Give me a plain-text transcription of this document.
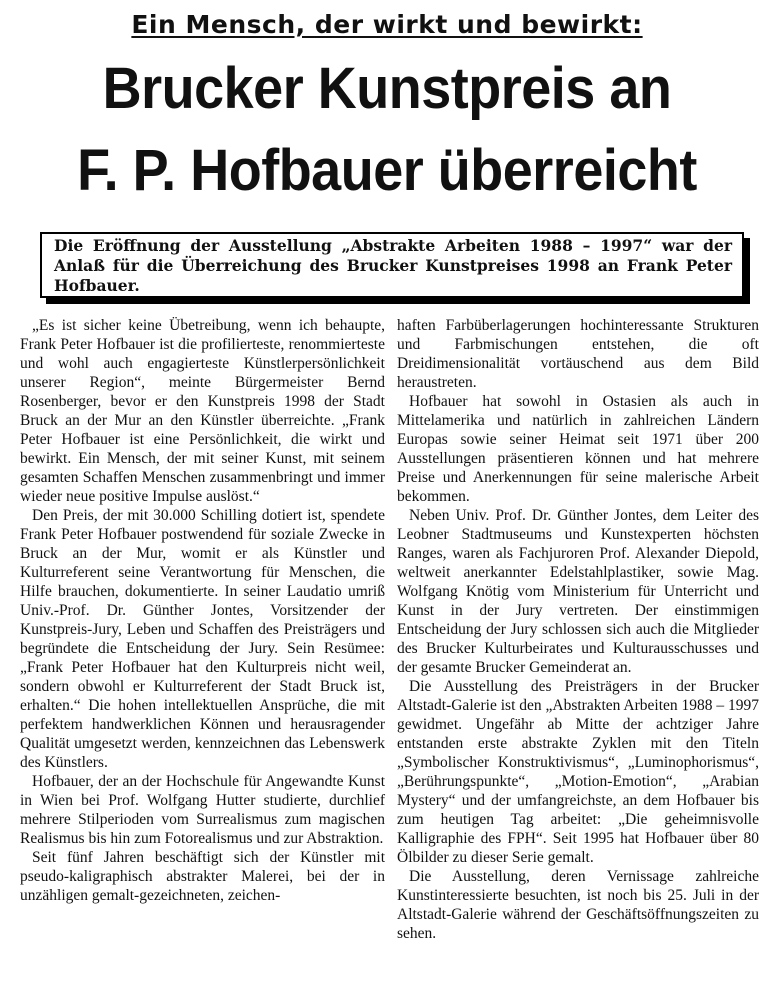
Ein Mensch, der wirkt und bewirkt:
Brucker Kunstpreis an
F. P. Hofbauer überreicht
Die Eröffnung der Ausstellung „Abstrakte Arbeiten 1988 – 1997“ war der Anlaß für die Überreichung des Brucker Kunstpreises 1998 an Frank Peter Hofbauer.

„Es ist sicher keine Übetreibung, wenn ich behaupte, Frank Peter Hofbauer ist die profilierteste, renommierteste und wohl auch engagierteste Künstlerpersönlichkeit unserer Region“, meinte Bürgermeister Bernd Rosenberger, bevor er den Kunstpreis 1998 der Stadt Bruck an der Mur an den Künstler überreichte. „Frank Peter Hofbauer ist eine Persönlichkeit, die wirkt und bewirkt. Ein Mensch, der mit seiner Kunst, mit seinem gesamten Schaffen Menschen zusammenbringt und immer wieder neue positive Impulse auslöst.“

Den Preis, der mit 30.000 Schilling dotiert ist, spendete Frank Peter Hofbauer postwendend für soziale Zwecke in Bruck an der Mur, womit er als Künstler und Kulturreferent seine Verantwortung für Menschen, die Hilfe brauchen, dokumentierte. In seiner Laudatio umriß Univ.-Prof. Dr. Günther Jontes, Vorsitzender der Kunstpreis-Jury, Leben und Schaffen des Preisträgers und begründete die Entscheidung der Jury. Sein Resümee: „Frank Peter Hofbauer hat den Kulturpreis nicht weil, sondern obwohl er Kulturreferent der Stadt Bruck ist, erhalten.“ Die hohen intellektuellen Ansprüche, die mit perfektem handwerklichen Können und herausragender Qualität umgesetzt werden, kennzeichnen das Lebenswerk des Künstlers.

Hofbauer, der an der Hochschule für Angewandte Kunst in Wien bei Prof. Wolfgang Hutter studierte, durchlief mehrere Stilperioden vom Surrealismus zum magischen Realismus bis hin zum Fotorealismus und zur Abstraktion.

Seit fünf Jahren beschäftigt sich der Künstler mit pseudo-kaligraphisch abstrakter Malerei, bei der in unzähligen gemalt-gezeichneten, zeichen-

haften Farbüberlagerungen hochinteressante Strukturen und Farbmischungen entstehen, die oft Dreidimensionalität vortäuschend aus dem Bild heraustreten.

Hofbauer hat sowohl in Ostasien als auch in Mittelamerika und natürlich in zahlreichen Ländern Europas sowie seiner Heimat seit 1971 über 200 Ausstellungen präsentieren können und hat mehrere Preise und Anerkennungen für seine malerische Arbeit bekommen.

Neben Univ. Prof. Dr. Günther Jontes, dem Leiter des Leobner Stadtmuseums und Kunstexperten höchsten Ranges, waren als Fachjuroren Prof. Alexander Diepold, weltweit anerkannter Edelstahlplastiker, sowie Mag. Wolfgang Knötig vom Ministerium für Unterricht und Kunst in der Jury vertreten. Der einstimmigen Entscheidung der Jury schlossen sich auch die Mitglieder des Brucker Kulturbeirates und Kulturausschusses und der gesamte Brucker Gemeinderat an.

Die Ausstellung des Preisträgers in der Brucker Altstadt-Galerie ist den „Abstrakten Arbeiten 1988 – 1997 gewidmet. Ungefähr ab Mitte der achtziger Jahre entstanden erste abstrakte Zyklen mit den Titeln „Symbolischer Konstruktivismus“, „Luminophorismus“, „Berührungspunkte“, „Motion-Emotion“, „Arabian Mystery“ und der umfangreichste, an dem Hofbauer bis zum heutigen Tag arbeitet: „Die geheimnisvolle Kalligraphie des FPH“. Seit 1995 hat Hofbauer über 80 Ölbilder zu dieser Serie gemalt.

Die Ausstellung, deren Vernissage zahlreiche Kunstinteressierte besuchten, ist noch bis 25. Juli in der Altstadt-Galerie während der Geschäftsöffnungszeiten zu sehen.
